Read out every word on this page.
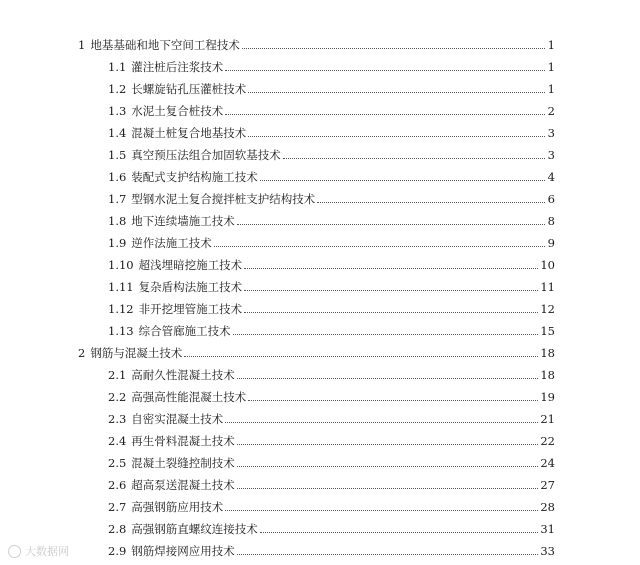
1 地基基础和地下空间工程技术	1
1.1 灌注桩后注浆技术	1
1.2 长螺旋钻孔压灌桩技术	1
1.3 水泥土复合桩技术	2
1.4 混凝土桩复合地基技术	3
1.5 真空预压法组合加固软基技术	3
1.6 装配式支护结构施工技术	4
1.7 型钢水泥土复合搅拌桩支护结构技术	6
1.8 地下连续墙施工技术	8
1.9 逆作法施工技术	9
1.10 超浅埋暗挖施工技术	10
1.11 复杂盾构法施工技术	11
1.12 非开挖埋管施工技术	12
1.13 综合管廊施工技术	15
2 钢筋与混凝土技术	18
2.1 高耐久性混凝土技术	18
2.2 高强高性能混凝土技术	19
2.3 自密实混凝土技术	21
2.4 再生骨料混凝土技术	22
2.5 混凝土裂缝控制技术	24
2.6 超高泵送混凝土技术	27
2.7 高强钢筋应用技术	28
2.8 高强钢筋直螺纹连接技术	31
2.9 钢筋焊接网应用技术	33
大数据网
